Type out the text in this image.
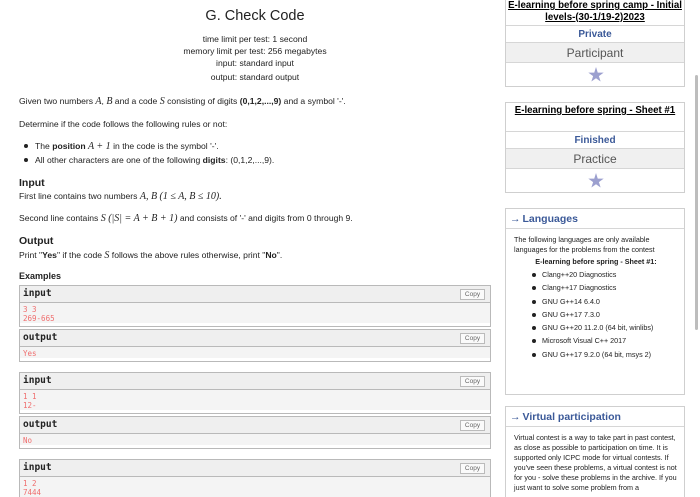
G. Check Code
time limit per test: 1 second
memory limit per test: 256 megabytes
input: standard input
output: standard output
Given two numbers A, B and a code S consisting of digits (0,1,2,...,9) and a symbol '-'.
Determine if the code follows the following rules or not:
The position A + 1 in the code is the symbol '-'.
All other characters are one of the following digits: (0,1,2,...,9).
Input
First line contains two numbers A, B (1 ≤ A, B ≤ 10).
Second line contains S (|S| = A + B + 1) and consists of '-' and digits from 0 through 9.
Output
Print "Yes" if the code S follows the above rules otherwise, print "No".
Examples
input	Copy
3 3
269-665
output	Copy
Yes
input	Copy
1 1
12-
output	Copy
No
input	Copy
1 2
7444
E-learning before spring camp - Initial levels-(30-1/19-2)2023
Private
Participant
E-learning before spring - Sheet #1
Finished
Practice
→ Languages
The following languages are only available languages for the problems from the contest
E-learning before spring - Sheet #1:
Clang++20 Diagnostics
Clang++17 Diagnostics
GNU G++14 6.4.0
GNU G++17 7.3.0
GNU G++20 11.2.0 (64 bit, winlibs)
Microsoft Visual C++ 2017
GNU G++17 9.2.0 (64 bit, msys 2)
→ Virtual participation
Virtual contest is a way to take part in past contest, as close as possible to participation on time. It is supported only ICPC mode for virtual contests. If you've seen these problems, a virtual contest is not for you - solve these problems in the archive. If you just want to solve some problem from a
